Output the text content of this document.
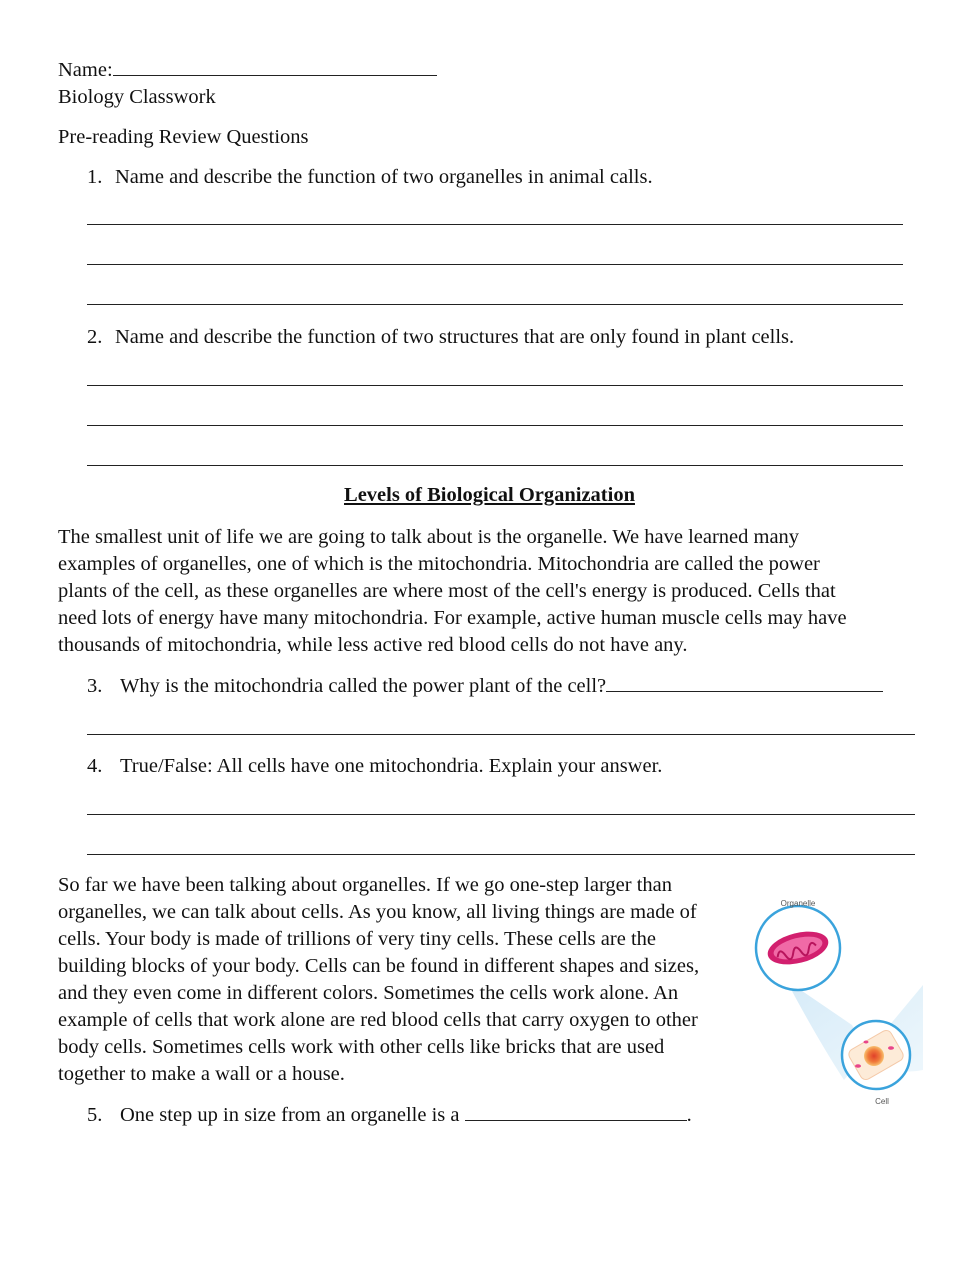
Name:
Biology Classwork
Pre-reading Review Questions
1. Name and describe the function of two organelles in animal calls.
2. Name and describe the function of two structures that are only found in plant cells.
Levels of Biological Organization
The smallest unit of life we are going to talk about is the organelle. We have learned many
examples of organelles, one of which is the mitochondria. Mitochondria are called the power
plants of the cell, as these organelles are where most of the cell's energy is produced. Cells that
need lots of energy have many mitochondria. For example, active human muscle cells may have
thousands of mitochondria, while less active red blood cells do not have any.
3. Why is the mitochondria called the power plant of the cell?
4. True/False: All cells have one mitochondria. Explain your answer.
So far we have been talking about organelles. If we go one-step larger than
organelles, we can talk about cells. As you know, all living things are made of
cells. Your body is made of trillions of very tiny cells. These cells are the
building blocks of your body. Cells can be found in different shapes and sizes,
and they even come in different colors. Sometimes the cells work alone. An
example of cells that work alone are red blood cells that carry oxygen to other
body cells. Sometimes cells work with other cells like bricks that are used
together to make a wall or a house.
5. One step up in size from an organelle is a	.
Organelle
Cell
